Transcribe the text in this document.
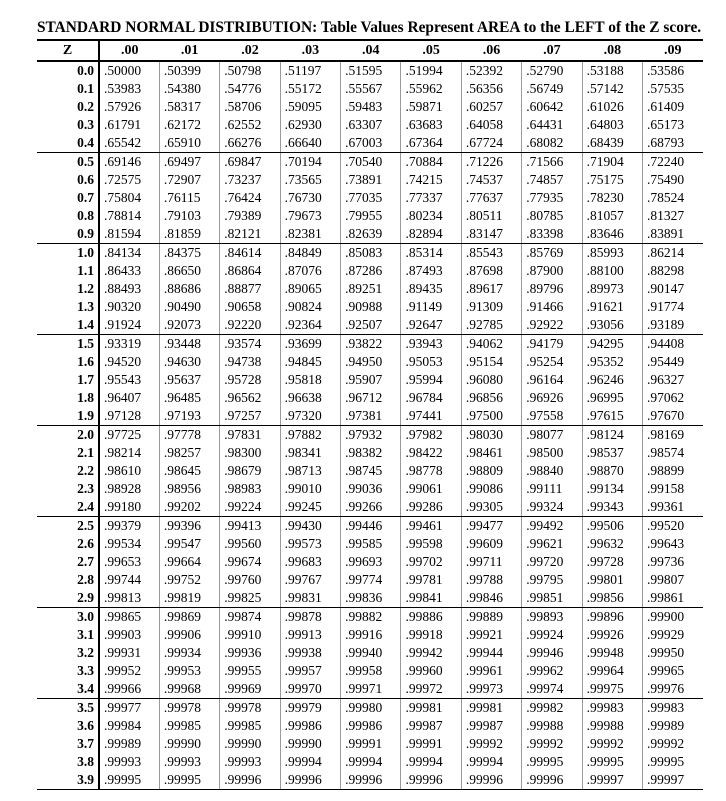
STANDARD NORMAL DISTRIBUTION: Table Values Represent AREA to the LEFT of the Z score.
Z	.00	.01	.02	.03	.04	.05	.06	.07	.08	.09
0.0	.50000	.50399	.50798	.51197	.51595	.51994	.52392	.52790	.53188	.53586
0.1	.53983	.54380	.54776	.55172	.55567	.55962	.56356	.56749	.57142	.57535
0.2	.57926	.58317	.58706	.59095	.59483	.59871	.60257	.60642	.61026	.61409
0.3	.61791	.62172	.62552	.62930	.63307	.63683	.64058	.64431	.64803	.65173
0.4	.65542	.65910	.66276	.66640	.67003	.67364	.67724	.68082	.68439	.68793
0.5	.69146	.69497	.69847	.70194	.70540	.70884	.71226	.71566	.71904	.72240
0.6	.72575	.72907	.73237	.73565	.73891	.74215	.74537	.74857	.75175	.75490
0.7	.75804	.76115	.76424	.76730	.77035	.77337	.77637	.77935	.78230	.78524
0.8	.78814	.79103	.79389	.79673	.79955	.80234	.80511	.80785	.81057	.81327
0.9	.81594	.81859	.82121	.82381	.82639	.82894	.83147	.83398	.83646	.83891
1.0	.84134	.84375	.84614	.84849	.85083	.85314	.85543	.85769	.85993	.86214
1.1	.86433	.86650	.86864	.87076	.87286	.87493	.87698	.87900	.88100	.88298
1.2	.88493	.88686	.88877	.89065	.89251	.89435	.89617	.89796	.89973	.90147
1.3	.90320	.90490	.90658	.90824	.90988	.91149	.91309	.91466	.91621	.91774
1.4	.91924	.92073	.92220	.92364	.92507	.92647	.92785	.92922	.93056	.93189
1.5	.93319	.93448	.93574	.93699	.93822	.93943	.94062	.94179	.94295	.94408
1.6	.94520	.94630	.94738	.94845	.94950	.95053	.95154	.95254	.95352	.95449
1.7	.95543	.95637	.95728	.95818	.95907	.95994	.96080	.96164	.96246	.96327
1.8	.96407	.96485	.96562	.96638	.96712	.96784	.96856	.96926	.96995	.97062
1.9	.97128	.97193	.97257	.97320	.97381	.97441	.97500	.97558	.97615	.97670
2.0	.97725	.97778	.97831	.97882	.97932	.97982	.98030	.98077	.98124	.98169
2.1	.98214	.98257	.98300	.98341	.98382	.98422	.98461	.98500	.98537	.98574
2.2	.98610	.98645	.98679	.98713	.98745	.98778	.98809	.98840	.98870	.98899
2.3	.98928	.98956	.98983	.99010	.99036	.99061	.99086	.99111	.99134	.99158
2.4	.99180	.99202	.99224	.99245	.99266	.99286	.99305	.99324	.99343	.99361
2.5	.99379	.99396	.99413	.99430	.99446	.99461	.99477	.99492	.99506	.99520
2.6	.99534	.99547	.99560	.99573	.99585	.99598	.99609	.99621	.99632	.99643
2.7	.99653	.99664	.99674	.99683	.99693	.99702	.99711	.99720	.99728	.99736
2.8	.99744	.99752	.99760	.99767	.99774	.99781	.99788	.99795	.99801	.99807
2.9	.99813	.99819	.99825	.99831	.99836	.99841	.99846	.99851	.99856	.99861
3.0	.99865	.99869	.99874	.99878	.99882	.99886	.99889	.99893	.99896	.99900
3.1	.99903	.99906	.99910	.99913	.99916	.99918	.99921	.99924	.99926	.99929
3.2	.99931	.99934	.99936	.99938	.99940	.99942	.99944	.99946	.99948	.99950
3.3	.99952	.99953	.99955	.99957	.99958	.99960	.99961	.99962	.99964	.99965
3.4	.99966	.99968	.99969	.99970	.99971	.99972	.99973	.99974	.99975	.99976
3.5	.99977	.99978	.99978	.99979	.99980	.99981	.99981	.99982	.99983	.99983
3.6	.99984	.99985	.99985	.99986	.99986	.99987	.99987	.99988	.99988	.99989
3.7	.99989	.99990	.99990	.99990	.99991	.99991	.99992	.99992	.99992	.99992
3.8	.99993	.99993	.99993	.99994	.99994	.99994	.99994	.99995	.99995	.99995
3.9	.99995	.99995	.99996	.99996	.99996	.99996	.99996	.99996	.99997	.99997
